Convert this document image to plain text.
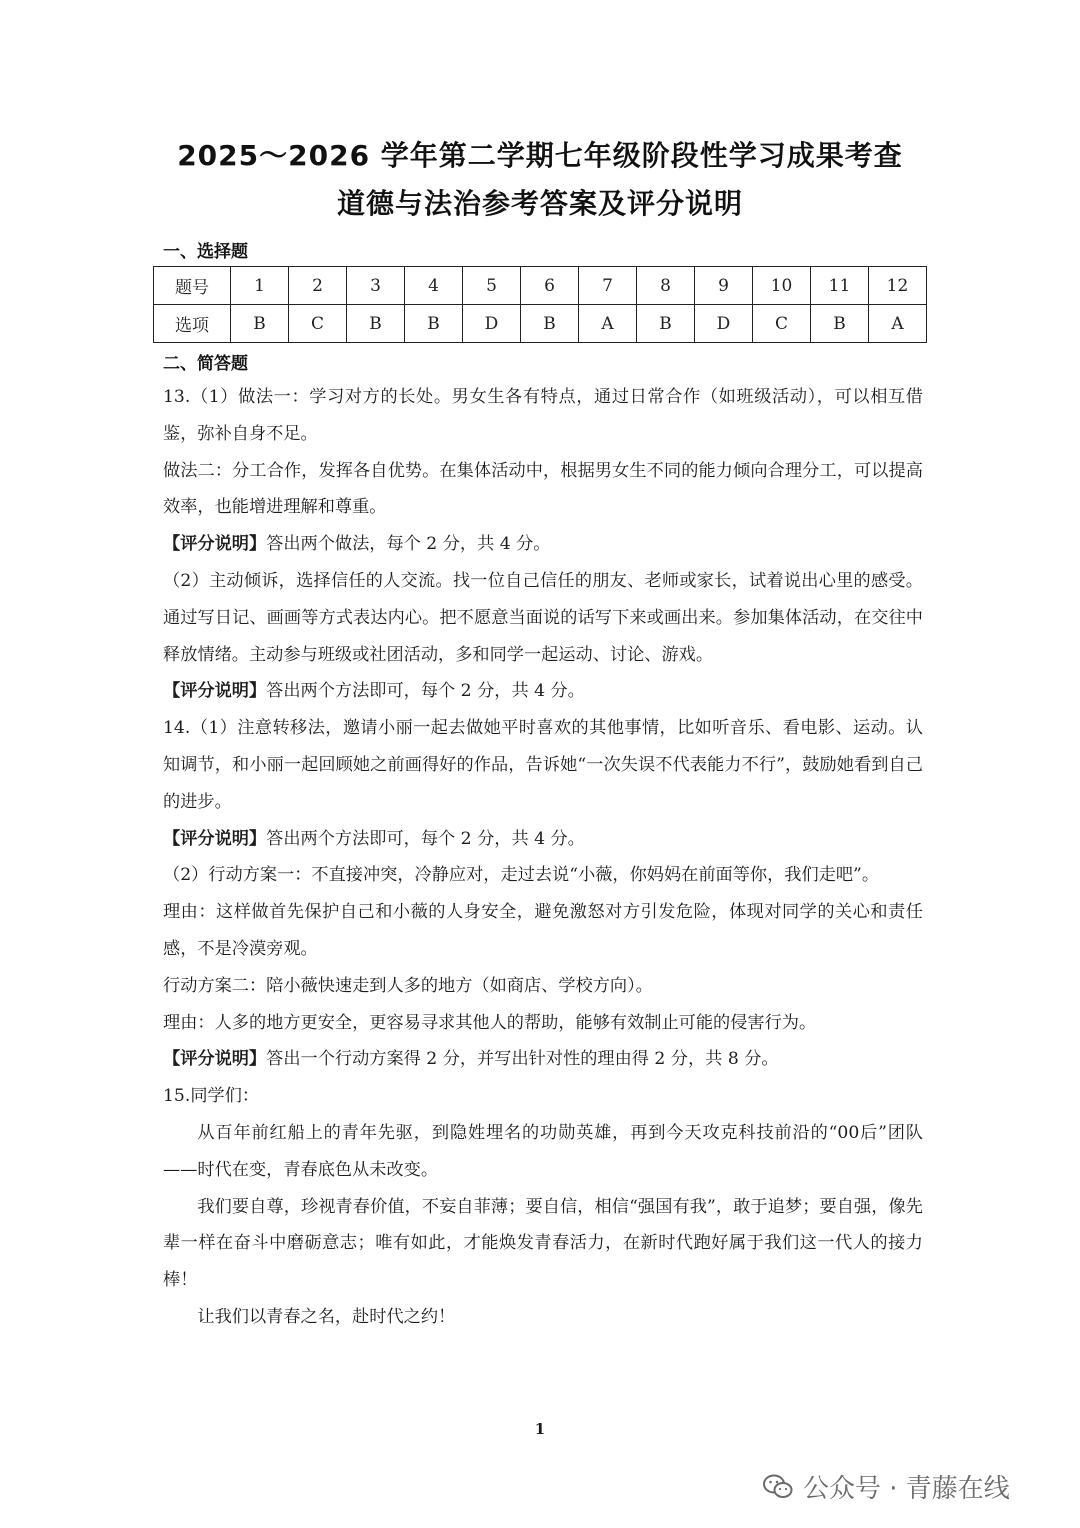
2025～2026 学年第二学期七年级阶段性学习成果考查
道德与法治参考答案及评分说明
一、选择题
题号	1	2	3	4	5	6	7	8	9	10	11	12
选项	B	C	B	B	D	B	A	B	D	C	B	A
二、简答题

13.（1）做法一：学习对方的长处。男女生各有特点，通过日常合作（如班级活动），可以相互借鉴，弥补自身不足。

做法二：分工合作，发挥各自优势。在集体活动中，根据男女生不同的能力倾向合理分工，可以提高效率，也能增进理解和尊重。

【评分说明】答出两个做法，每个 2 分，共 4 分。

（2）主动倾诉，选择信任的人交流。找一位自己信任的朋友、老师或家长，试着说出心里的感受。通过写日记、画画等方式表达内心。把不愿意当面说的话写下来或画出来。参加集体活动，在交往中释放情绪。主动参与班级或社团活动，多和同学一起运动、讨论、游戏。

【评分说明】答出两个方法即可，每个 2 分，共 4 分。

14.（1）注意转移法，邀请小丽一起去做她平时喜欢的其他事情，比如听音乐、看电影、运动。认知调节，和小丽一起回顾她之前画得好的作品，告诉她“一次失误不代表能力不行”，鼓励她看到自己的进步。

【评分说明】答出两个方法即可，每个 2 分，共 4 分。

（2）行动方案一：不直接冲突，冷静应对，走过去说“小薇，你妈妈在前面等你，我们走吧”。

理由：这样做首先保护自己和小薇的人身安全，避免激怒对方引发危险，体现对同学的关心和责任感，不是冷漠旁观。

行动方案二：陪小薇快速走到人多的地方（如商店、学校方向）。

理由：人多的地方更安全，更容易寻求其他人的帮助，能够有效制止可能的侵害行为。

【评分说明】答出一个行动方案得 2 分，并写出针对性的理由得 2 分，共 8 分。

15.同学们：

从百年前红船上的青年先驱，到隐姓埋名的功勋英雄，再到今天攻克科技前沿的“00后”团队——时代在变，青春底色从未改变。

我们要自尊，珍视青春价值，不妄自菲薄；要自信，相信“强国有我”，敢于追梦；要自强，像先辈一样在奋斗中磨砺意志；唯有如此，才能焕发青春活力，在新时代跑好属于我们这一代人的接力棒！

让我们以青春之名，赴时代之约！

1
公众号 · 青藤在线
